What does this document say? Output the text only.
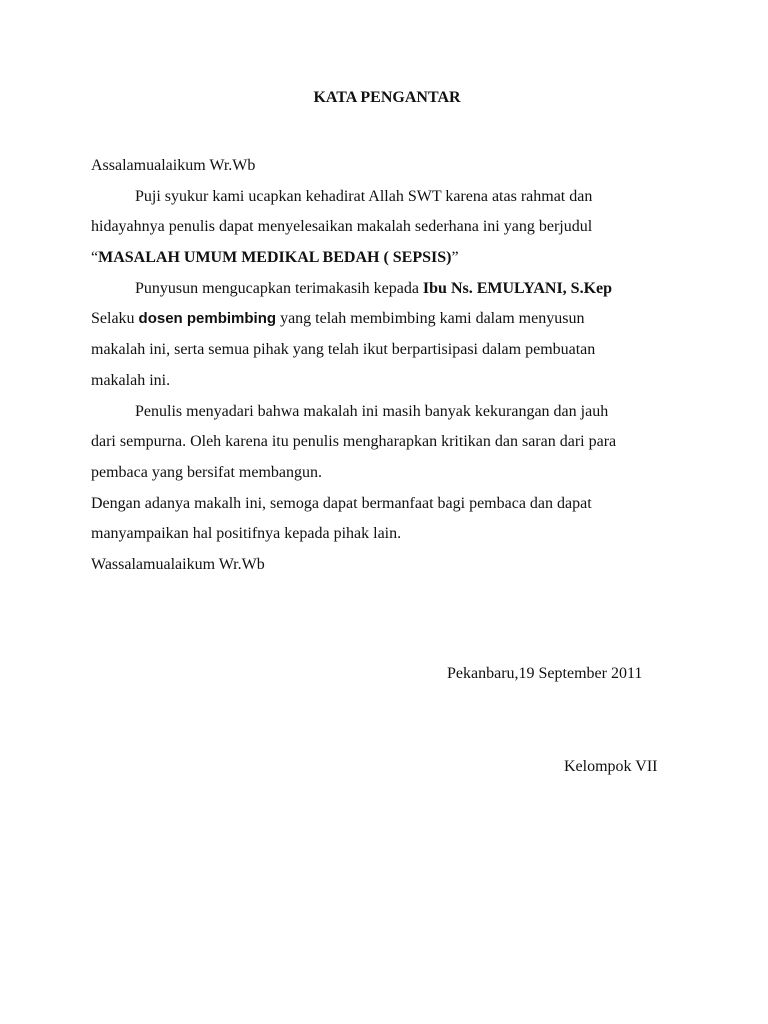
KATA PENGANTAR
Assalamualaikum Wr.Wb
Puji syukur kami ucapkan kehadirat Allah SWT karena atas rahmat dan
hidayahnya penulis dapat menyelesaikan makalah sederhana ini yang berjudul
“MASALAH UMUM MEDIKAL BEDAH ( SEPSIS)”
Punyusun mengucapkan terimakasih kepada Ibu Ns. EMULYANI, S.Kep
Selaku dosen pembimbing yang telah membimbing kami dalam menyusun
makalah ini, serta semua pihak yang telah ikut berpartisipasi dalam pembuatan
makalah ini.
Penulis menyadari bahwa makalah ini masih banyak kekurangan dan jauh
dari sempurna. Oleh karena itu penulis mengharapkan kritikan dan saran dari para
pembaca yang bersifat membangun.
Dengan adanya makalh ini, semoga dapat bermanfaat bagi pembaca dan dapat
manyampaikan hal positifnya kepada pihak lain.
Wassalamualaikum Wr.Wb
Pekanbaru,19 September 2011
Kelompok VII
